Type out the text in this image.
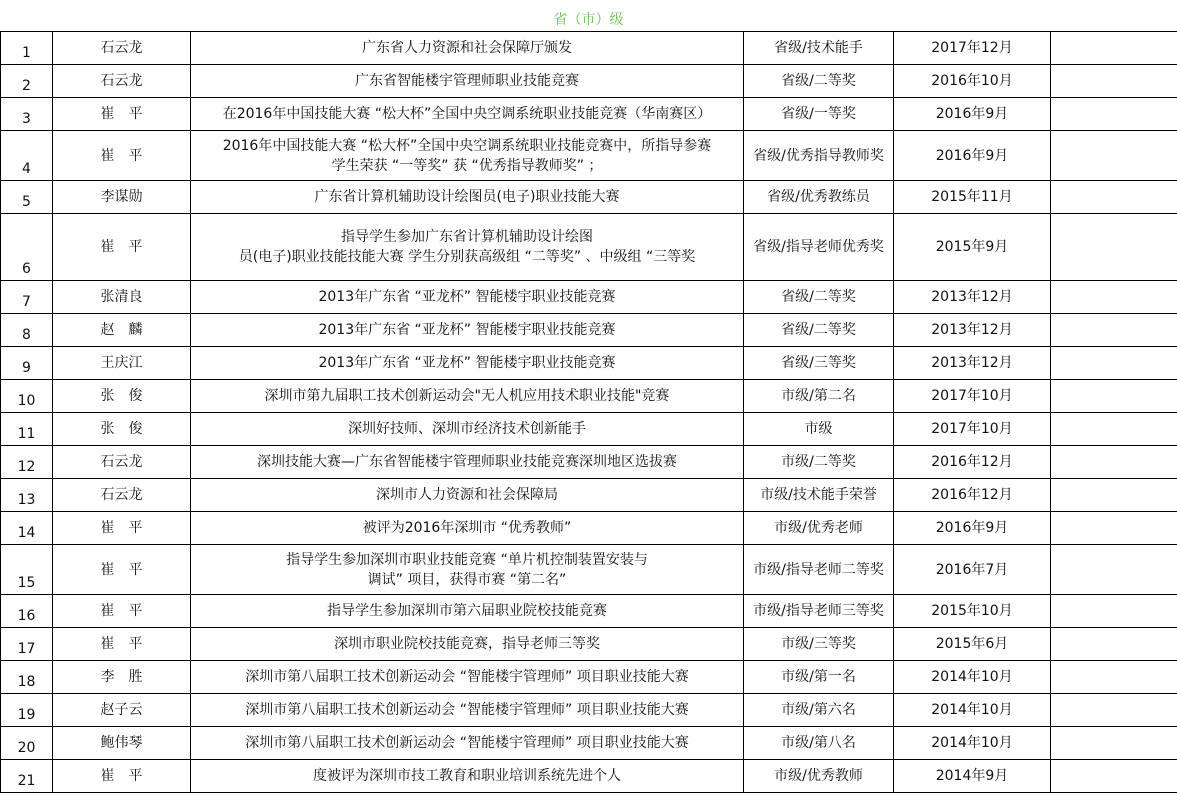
省（市）级
1	石云龙	广东省人力资源和社会保障厅颁发	省级/技术能手	2017年12月	
2	石云龙	广东省智能楼宇管理师职业技能竞赛	省级/二等奖	2016年10月	
3	崔　平	在2016年中国技能大赛 “松大杯”全国中央空调系统职业技能竞赛（华南赛区）	省级/一等奖	2016年9月	
4	崔　平	2016年中国技能大赛 “松大杯”全国中央空调系统职业技能竞赛中，所指导参赛
学生荣获 “一等奖” 获 “优秀指导教师奖” ；	省级/优秀指导教师奖	2016年9月	
5	李谋勋	广东省计算机辅助设计绘图员(电子)职业技能大赛	省级/优秀教练员	2015年11月	
6	崔　平	指导学生参加广东省计算机辅助设计绘图
员(电子)职业技能技能大赛 学生分别获高级组 “二等奖” 、中级组 “三等奖	省级/指导老师优秀奖	2015年9月	
7	张清良	2013年广东省 “亚龙杯” 智能楼宇职业技能竞赛	省级/二等奖	2013年12月	
8	赵　麟	2013年广东省 “亚龙杯” 智能楼宇职业技能竞赛	省级/二等奖	2013年12月	
9	王庆江	2013年广东省 “亚龙杯” 智能楼宇职业技能竞赛	省级/三等奖	2013年12月	
10	张　俊	深圳市第九届职工技术创新运动会"无人机应用技术职业技能"竞赛	市级/第二名	2017年10月	
11	张　俊	深圳好技师、深圳市经济技术创新能手	市级	2017年10月	
12	石云龙	深圳技能大赛—广东省智能楼宇管理师职业技能竞赛深圳地区选拔赛	市级/二等奖	2016年12月	
13	石云龙	深圳市人力资源和社会保障局	市级/技术能手荣誉	2016年12月	
14	崔　平	被评为2016年深圳市 “优秀教师”	市级/优秀老师	2016年9月	
15	崔　平	指导学生参加深圳市职业技能竞赛 “单片机控制装置安装与
调试” 项目，获得市赛 “第二名”	市级/指导老师二等奖	2016年7月	
16	崔　平	指导学生参加深圳市第六届职业院校技能竞赛	市级/指导老师三等奖	2015年10月	
17	崔　平	深圳市职业院校技能竞赛，指导老师三等奖	市级/三等奖	2015年6月	
18	李　胜	深圳市第八届职工技术创新运动会 “智能楼宇管理师” 项目职业技能大赛	市级/第一名	2014年10月	
19	赵子云	深圳市第八届职工技术创新运动会 “智能楼宇管理师” 项目职业技能大赛	市级/第六名	2014年10月	
20	鲍伟琴	深圳市第八届职工技术创新运动会 “智能楼宇管理师” 项目职业技能大赛	市级/第八名	2014年10月	
21	崔　平	度被评为深圳市技工教育和职业培训系统先进个人	市级/优秀教师	2014年9月	
